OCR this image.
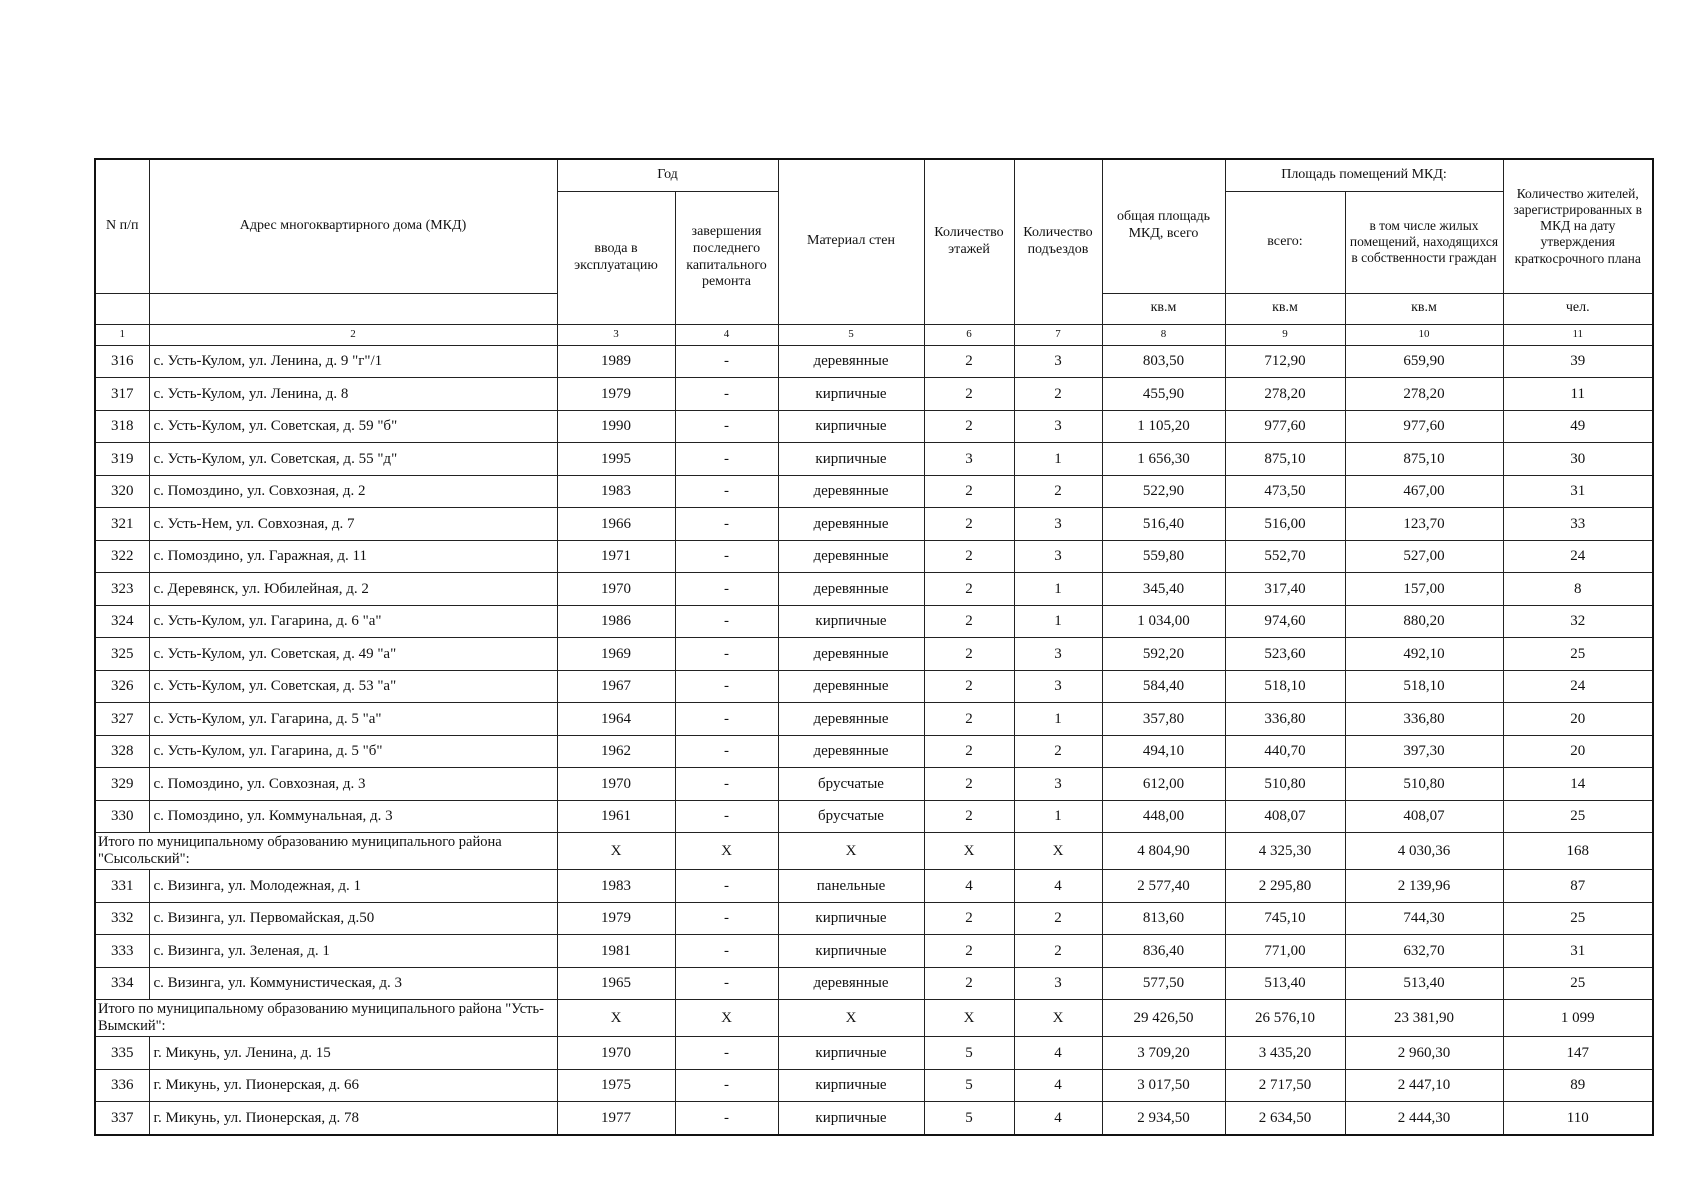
N п/п	Адрес многоквартирного дома (МКД)	Год		Материал стен	Количество этажей	Количество подъездов	общая площадь МКД, всего	Площадь помещений МКД:		Количество жителей, зарегистрированных в МКД на дату утверждения краткосрочного плана
		ввода в эксплуатацию	завершения последнего капитального ремонта					всего:	в том числе жилых помещений, находящихся в собственности граждан	
							кв.м	кв.м	кв.м	чел.
1	2	3	4	5	6	7	8	9	10	11
316	с. Усть-Кулом, ул. Ленина, д. 9 "г"/1	1989	-	деревянные	2	3	803,50	712,90	659,90	39
317	с. Усть-Кулом, ул. Ленина, д. 8	1979	-	кирпичные	2	2	455,90	278,20	278,20	11
318	с. Усть-Кулом, ул. Советская, д. 59 "б"	1990	-	кирпичные	2	3	1 105,20	977,60	977,60	49
319	с. Усть-Кулом, ул. Советская, д. 55 "д"	1995	-	кирпичные	3	1	1 656,30	875,10	875,10	30
320	с. Помоздино, ул. Совхозная, д. 2	1983	-	деревянные	2	2	522,90	473,50	467,00	31
321	с. Усть-Нем, ул. Совхозная, д. 7	1966	-	деревянные	2	3	516,40	516,00	123,70	33
322	с. Помоздино, ул. Гаражная, д. 11	1971	-	деревянные	2	3	559,80	552,70	527,00	24
323	с. Деревянск, ул. Юбилейная, д. 2	1970	-	деревянные	2	1	345,40	317,40	157,00	8
324	с. Усть-Кулом, ул. Гагарина, д. 6 "а"	1986	-	кирпичные	2	1	1 034,00	974,60	880,20	32
325	с. Усть-Кулом, ул. Советская, д. 49 "а"	1969	-	деревянные	2	3	592,20	523,60	492,10	25
326	с. Усть-Кулом, ул. Советская, д. 53 "а"	1967	-	деревянные	2	3	584,40	518,10	518,10	24
327	с. Усть-Кулом, ул. Гагарина, д. 5 "а"	1964	-	деревянные	2	1	357,80	336,80	336,80	20
328	с. Усть-Кулом, ул. Гагарина, д. 5 "б"	1962	-	деревянные	2	2	494,10	440,70	397,30	20
329	с. Помоздино, ул. Совхозная, д. 3	1970	-	брусчатые	2	3	612,00	510,80	510,80	14
330	с. Помоздино, ул. Коммунальная, д. 3	1961	-	брусчатые	2	1	448,00	408,07	408,07	25
Итого по муниципальному образованию муниципального района "Сысольский":		X	X	X	X	X	4 804,90	4 325,30	4 030,36	168
331	с. Визинга, ул. Молодежная, д. 1	1983	-	панельные	4	4	2 577,40	2 295,80	2 139,96	87
332	с. Визинга, ул. Первомайская, д.50	1979	-	кирпичные	2	2	813,60	745,10	744,30	25
333	с. Визинга, ул. Зеленая, д. 1	1981	-	кирпичные	2	2	836,40	771,00	632,70	31
334	с. Визинга, ул. Коммунистическая, д. 3	1965	-	деревянные	2	3	577,50	513,40	513,40	25
Итого по муниципальному образованию муниципального района "Усть-Вымский":		X	X	X	X	X	29 426,50	26 576,10	23 381,90	1 099
335	г. Микунь, ул. Ленина, д. 15	1970	-	кирпичные	5	4	3 709,20	3 435,20	2 960,30	147
336	г. Микунь, ул. Пионерская, д. 66	1975	-	кирпичные	5	4	3 017,50	2 717,50	2 447,10	89
337	г. Микунь, ул. Пионерская, д. 78	1977	-	кирпичные	5	4	2 934,50	2 634,50	2 444,30	110
